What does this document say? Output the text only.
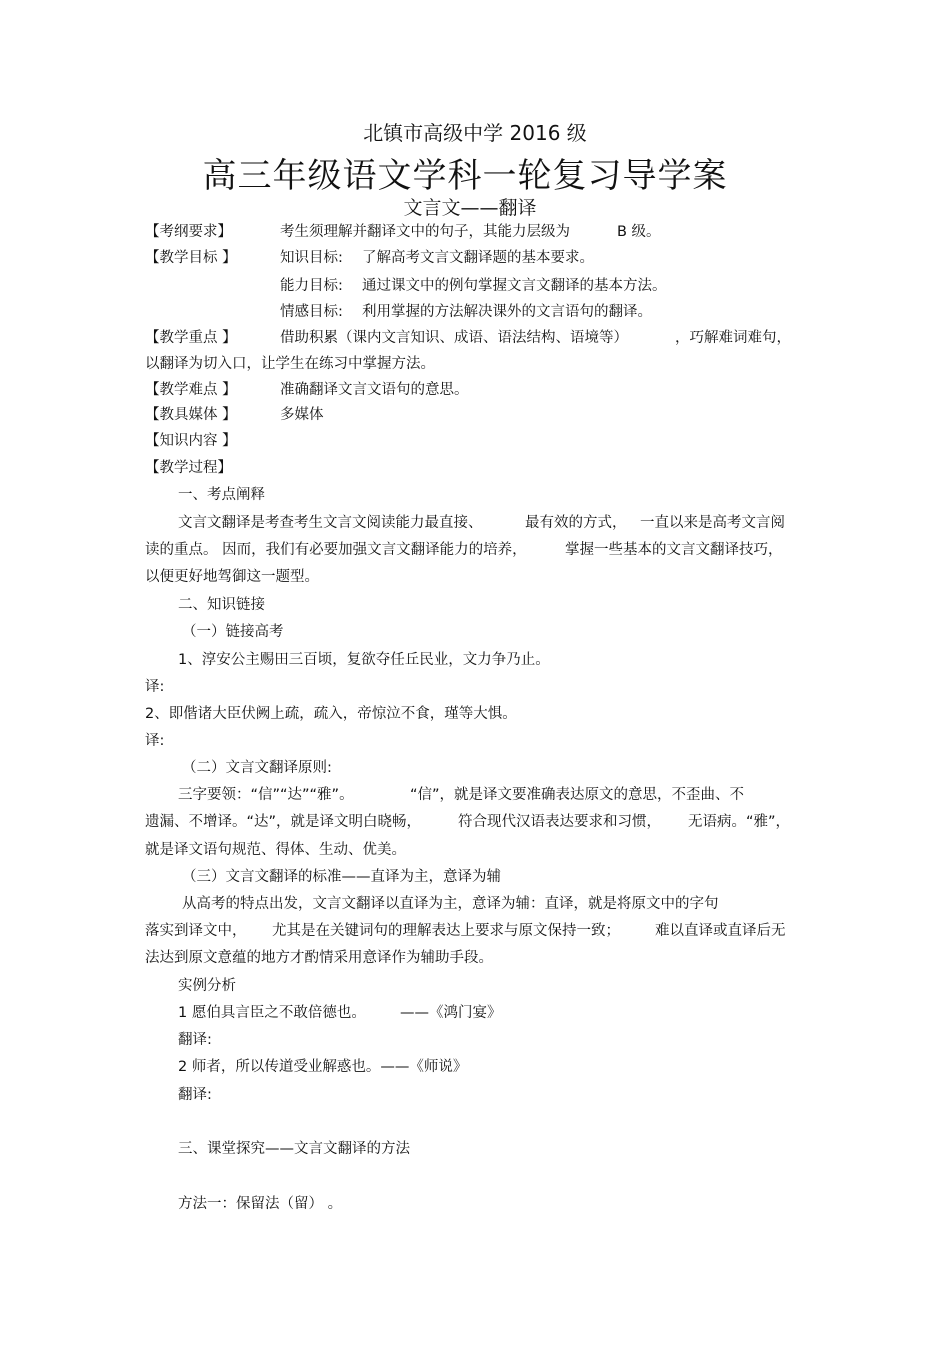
北镇市高级中学 2016 级
高三年级语文学科一轮复习导学案
文言文——翻译
【考纲要求】	考生须理解并翻译文中的句子，其能力层级为	B 级。
【教学目标 】	知识目标: 了解高考文言文翻译题的基本要求。
能力目标: 通过课文中的例句掌握文言文翻译的基本方法。
情感目标: 利用掌握的方法解决课外的文言语句的翻译。
【教学重点 】	借助积累（课内文言知识、成语、语法结构、语境等）	，巧解难词难句，
以翻译为切入口，让学生在练习中掌握方法。
【教学难点 】	准确翻译文言文语句的意思。
【教具媒体 】	多媒体
【知识内容 】
【教学过程】
一、考点阐释
文言文翻译是考查考生文言文阅读能力最直接、	最有效的方式， 一直以来是高考文言阅
读的重点。 因而，我们有必要加强文言文翻译能力的培养，	掌握一些基本的文言文翻译技巧，
以便更好地驾御这一题型。
二、知识链接
（一）链接高考
1、淳安公主赐田三百顷，复欲夺任丘民业，文力争乃止。
译:
2、即偕诸大臣伏阙上疏，疏入，帝惊泣不食，瑾等大惧。
译:
（二）文言文翻译原则:
三字要领：“信”“达”“雅”。	“信”，就是译文要准确表达原文的意思，不歪曲、不
遗漏、不增译。“达”，就是译文明白晓畅，	符合现代汉语表达要求和习惯， 无语病。“雅”，
就是译文语句规范、得体、生动、优美。
（三）文言文翻译的标准——直译为主，意译为辅
从高考的特点出发，文言文翻译以直译为主，意译为辅：直译，就是将原文中的字句
落实到译文中， 尤其是在关键词句的理解表达上要求与原文保持一致； 难以直译或直译后无
法达到原文意蕴的地方才酌情采用意译作为辅助手段。
实例分析
1 愿伯具言臣之不敢倍德也。 ——《鸿门宴》
翻译:
2 师者，所以传道受业解惑也。——《师说》
翻译:
三、课堂探究——文言文翻译的方法
方法一：保留法（留） 。
